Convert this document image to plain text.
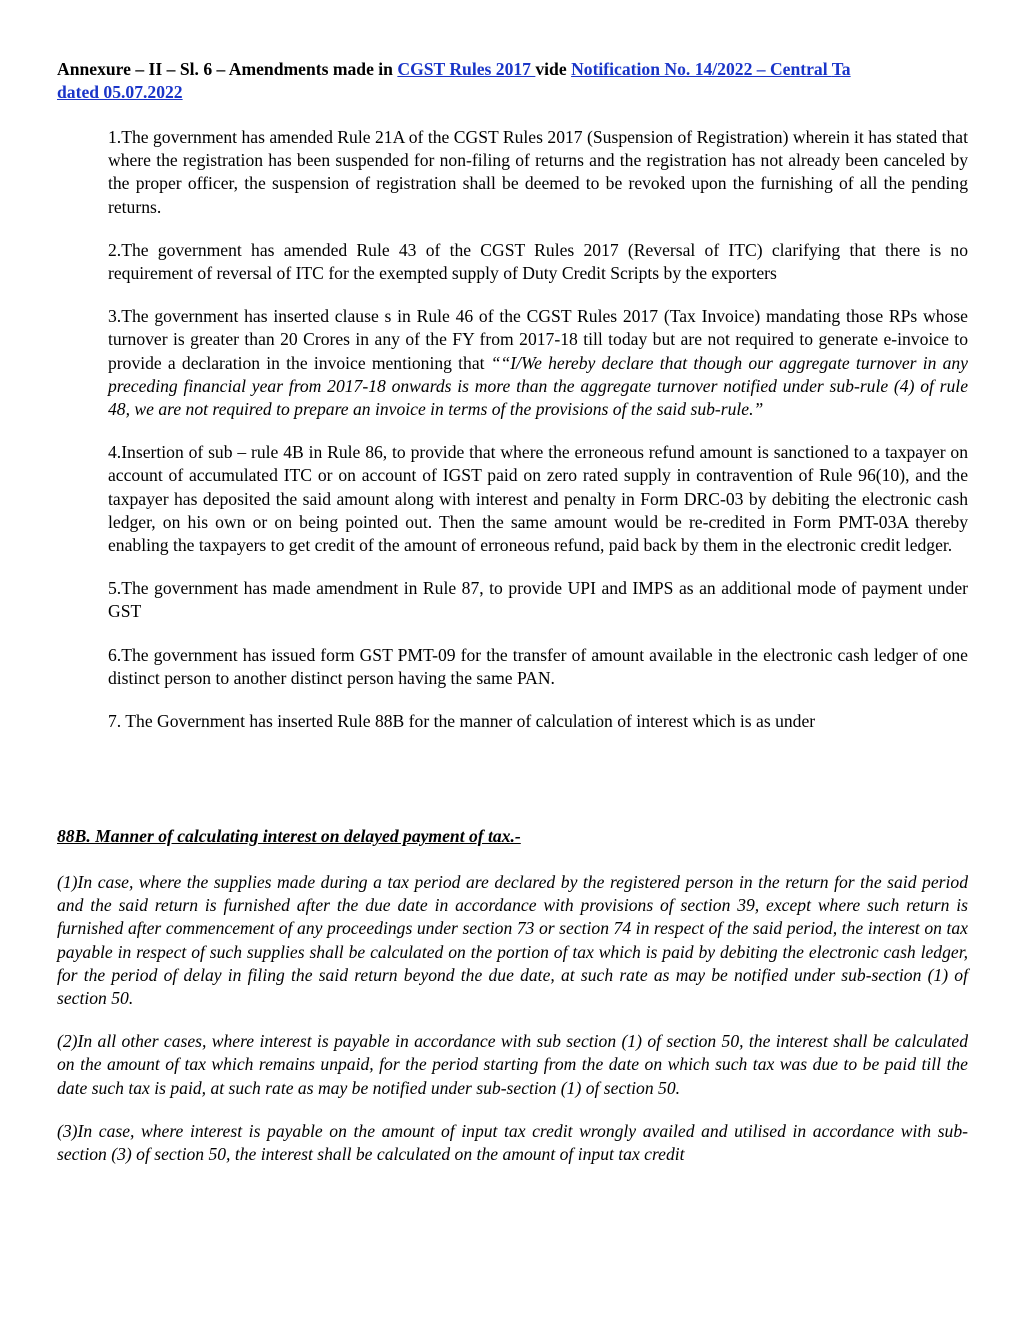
Annexure – II – Sl. 6 – Amendments made in CGST Rules 2017 vide Notification No. 14/2022 – Central Ta
dated 05.07.2022

1.The government has amended Rule 21A of the CGST Rules 2017 (Suspension of Registration) wherein it has stated that where the registration has been suspended for non-filing of returns and the registration has not already been canceled by the proper officer, the suspension of registration shall be deemed to be revoked upon the furnishing of all the pending returns.

2.The government has amended Rule 43 of the CGST Rules 2017 (Reversal of ITC) clarifying that there is no requirement of reversal of ITC for the exempted supply of Duty Credit Scripts by the exporters

3.The government has inserted clause s in Rule 46 of the CGST Rules 2017 (Tax Invoice) mandating those RPs whose turnover is greater than 20 Crores in any of the FY from 2017-18 till today but are not required to generate e-invoice to provide a declaration in the invoice mentioning that ““I/We hereby declare that though our aggregate turnover in any preceding financial year from 2017-18 onwards is more than the aggregate turnover notified under sub-rule (4) of rule 48, we are not required to prepare an invoice in terms of the provisions of the said sub-rule.”

4.Insertion of sub – rule 4B in Rule 86, to provide that where the erroneous refund amount is sanctioned to a taxpayer on account of accumulated ITC or on account of IGST paid on zero rated supply in contravention of Rule 96(10), and the taxpayer has deposited the said amount along with interest and penalty in Form DRC-03 by debiting the electronic cash ledger, on his own or on being pointed out. Then the same amount would be re-credited in Form PMT-03A thereby enabling the taxpayers to get credit of the amount of erroneous refund, paid back by them in the electronic credit ledger.

5.The government has made amendment in Rule 87, to provide UPI and IMPS as an additional mode of payment under GST

6.The government has issued form GST PMT-09 for the transfer of amount available in the electronic cash ledger of one distinct person to another distinct person having the same PAN.

7. The Government has inserted Rule 88B for the manner of calculation of interest which is as under

88B. Manner of calculating interest on delayed payment of tax.-

(1)In case, where the supplies made during a tax period are declared by the registered person in the return for the said period and the said return is furnished after the due date in accordance with provisions of section 39, except where such return is furnished after commencement of any proceedings under section 73 or section 74 in respect of the said period, the interest on tax payable in respect of such supplies shall be calculated on the portion of tax which is paid by debiting the electronic cash ledger, for the period of delay in filing the said return beyond the due date, at such rate as may be notified under sub-section (1) of section 50.

(2)In all other cases, where interest is payable in accordance with sub section (1) of section 50, the interest shall be calculated on the amount of tax which remains unpaid, for the period starting from the date on which such tax was due to be paid till the date such tax is paid, at such rate as may be notified under sub-section (1) of section 50.

(3)In case, where interest is payable on the amount of input tax credit wrongly availed and utilised in accordance with sub-section (3) of section 50, the interest shall be calculated on the amount of input tax credit
